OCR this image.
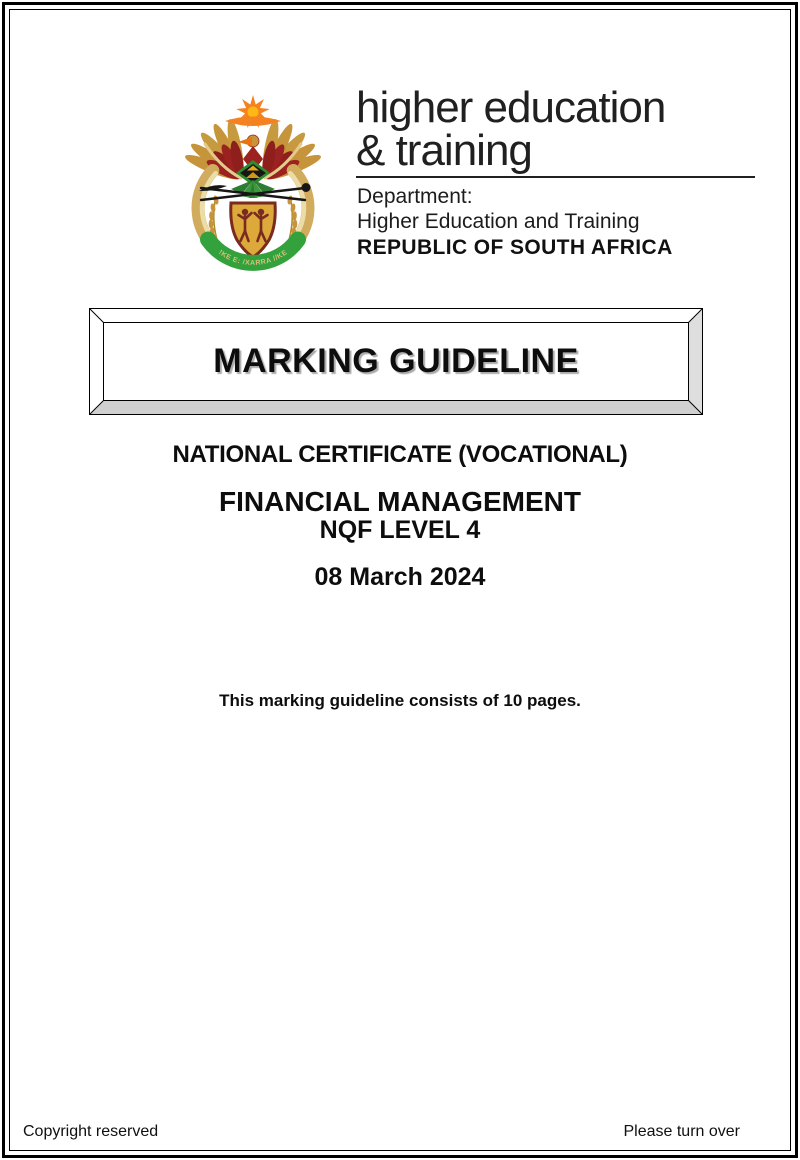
!KE E: /XARRA //KE
higher education
& training
Department:
Higher Education and Training
REPUBLIC OF SOUTH AFRICA
MARKING GUIDELINE
NATIONAL CERTIFICATE (VOCATIONAL)
FINANCIAL MANAGEMENT
NQF LEVEL 4
08 March 2024
This marking guideline consists of 10 pages.
Copyright reserved	Please turn over
